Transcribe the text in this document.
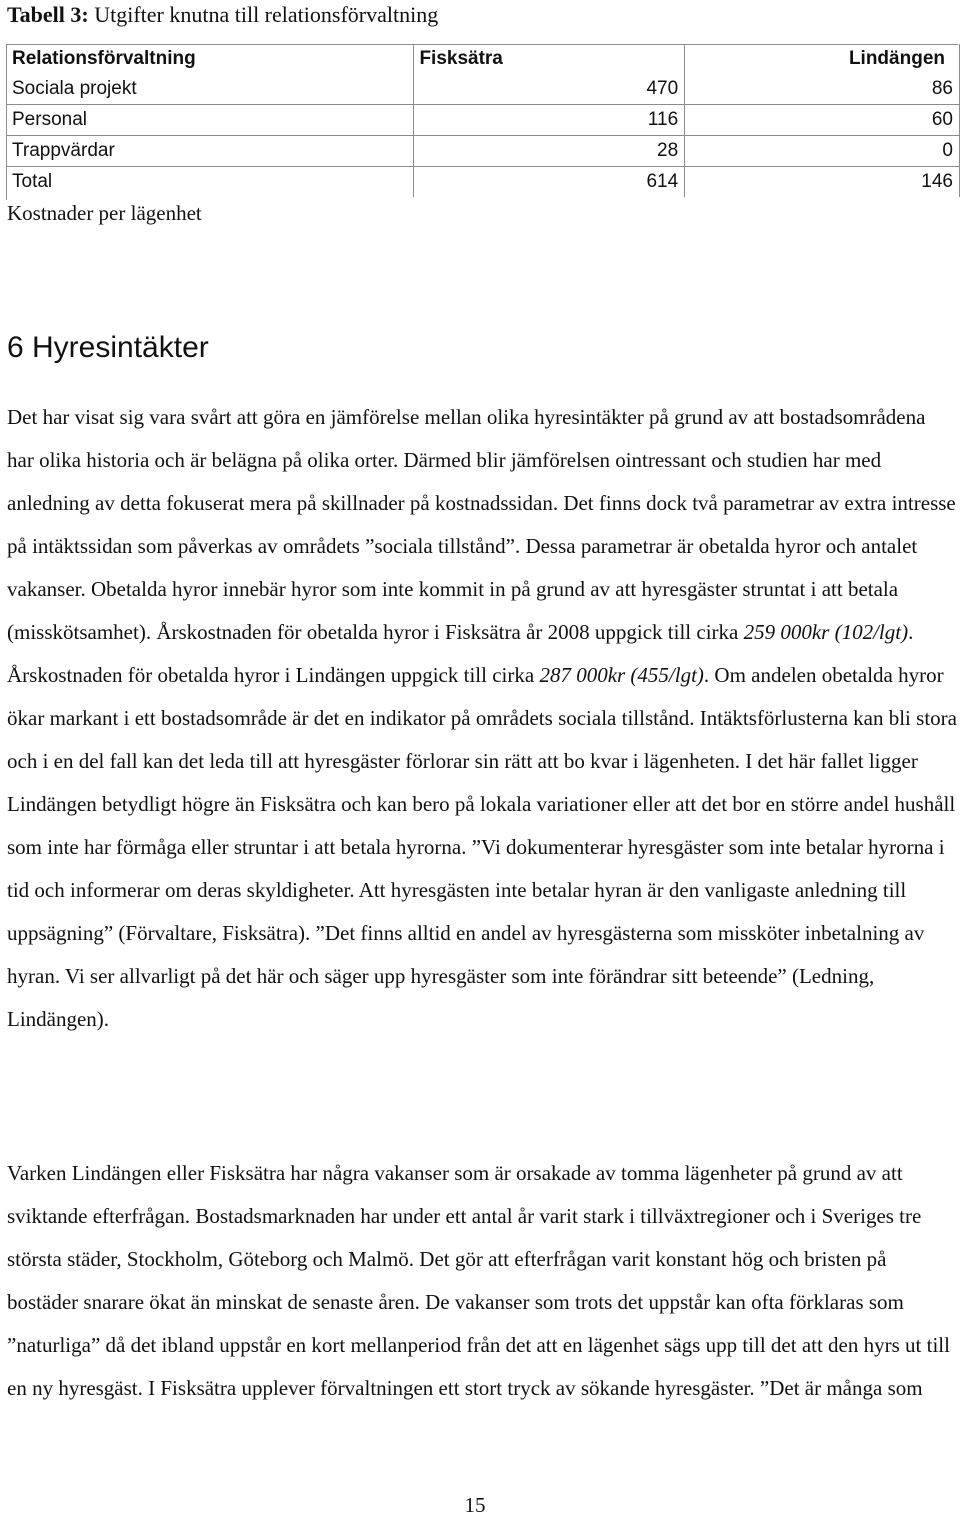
Tabell 3: Utgifter knutna till relationsförvaltning
Relationsförvaltning	Fisksätra	Lindängen
Sociala projekt	470	86
Personal	116	60
Trappvärdar	28	0
Total	614	146
Kostnader per lägenhet
6 Hyresintäkter

Det har visat sig vara svårt att göra en jämförelse mellan olika hyresintäkter på grund av att bostadsområdena har olika historia och är belägna på olika orter. Därmed blir jämförelsen ointressant och studien har med anledning av detta fokuserat mera på skillnader på kostnadssidan. Det finns dock två parametrar av extra intresse på intäktssidan som påverkas av områdets ”sociala tillstånd”. Dessa parametrar är obetalda hyror och antalet vakanser. Obetalda hyror innebär hyror som inte kommit in på grund av att hyresgäster struntat i att betala (misskötsamhet). Årskostnaden för obetalda hyror i Fisksätra år 2008 uppgick till cirka 259 000kr (102/lgt). Årskostnaden för obetalda hyror i Lindängen uppgick till cirka 287 000kr (455/lgt). Om andelen obetalda hyror ökar markant i ett bostadsområde är det en indikator på områdets sociala tillstånd. Intäktsförlusterna kan bli stora och i en del fall kan det leda till att hyresgäster förlorar sin rätt att bo kvar i lägenheten. I det här fallet ligger Lindängen betydligt högre än Fisksätra och kan bero på lokala variationer eller att det bor en större andel hushåll som inte har förmåga eller struntar i att betala hyrorna. ”Vi dokumenterar hyresgäster som inte betalar hyrorna i tid och informerar om deras skyldigheter. Att hyresgästen inte betalar hyran är den vanligaste anledning till uppsägning” (Förvaltare, Fisksätra). ”Det finns alltid en andel av hyresgästerna som missköter inbetalning av hyran. Vi ser allvarligt på det här och säger upp hyresgäster som inte förändrar sitt beteende” (Ledning, Lindängen).

Varken Lindängen eller Fisksätra har några vakanser som är orsakade av tomma lägenheter på grund av att sviktande efterfrågan. Bostadsmarknaden har under ett antal år varit stark i tillväxtregioner och i Sveriges tre största städer, Stockholm, Göteborg och Malmö. Det gör att efterfrågan varit konstant hög och bristen på bostäder snarare ökat än minskat de senaste åren. De vakanser som trots det uppstår kan ofta förklaras som ”naturliga” då det ibland uppstår en kort mellanperiod från det att en lägenhet sägs upp till det att den hyrs ut till en ny hyresgäst. I Fisksätra upplever förvaltningen ett stort tryck av sökande hyresgäster. ”Det är många som

15
